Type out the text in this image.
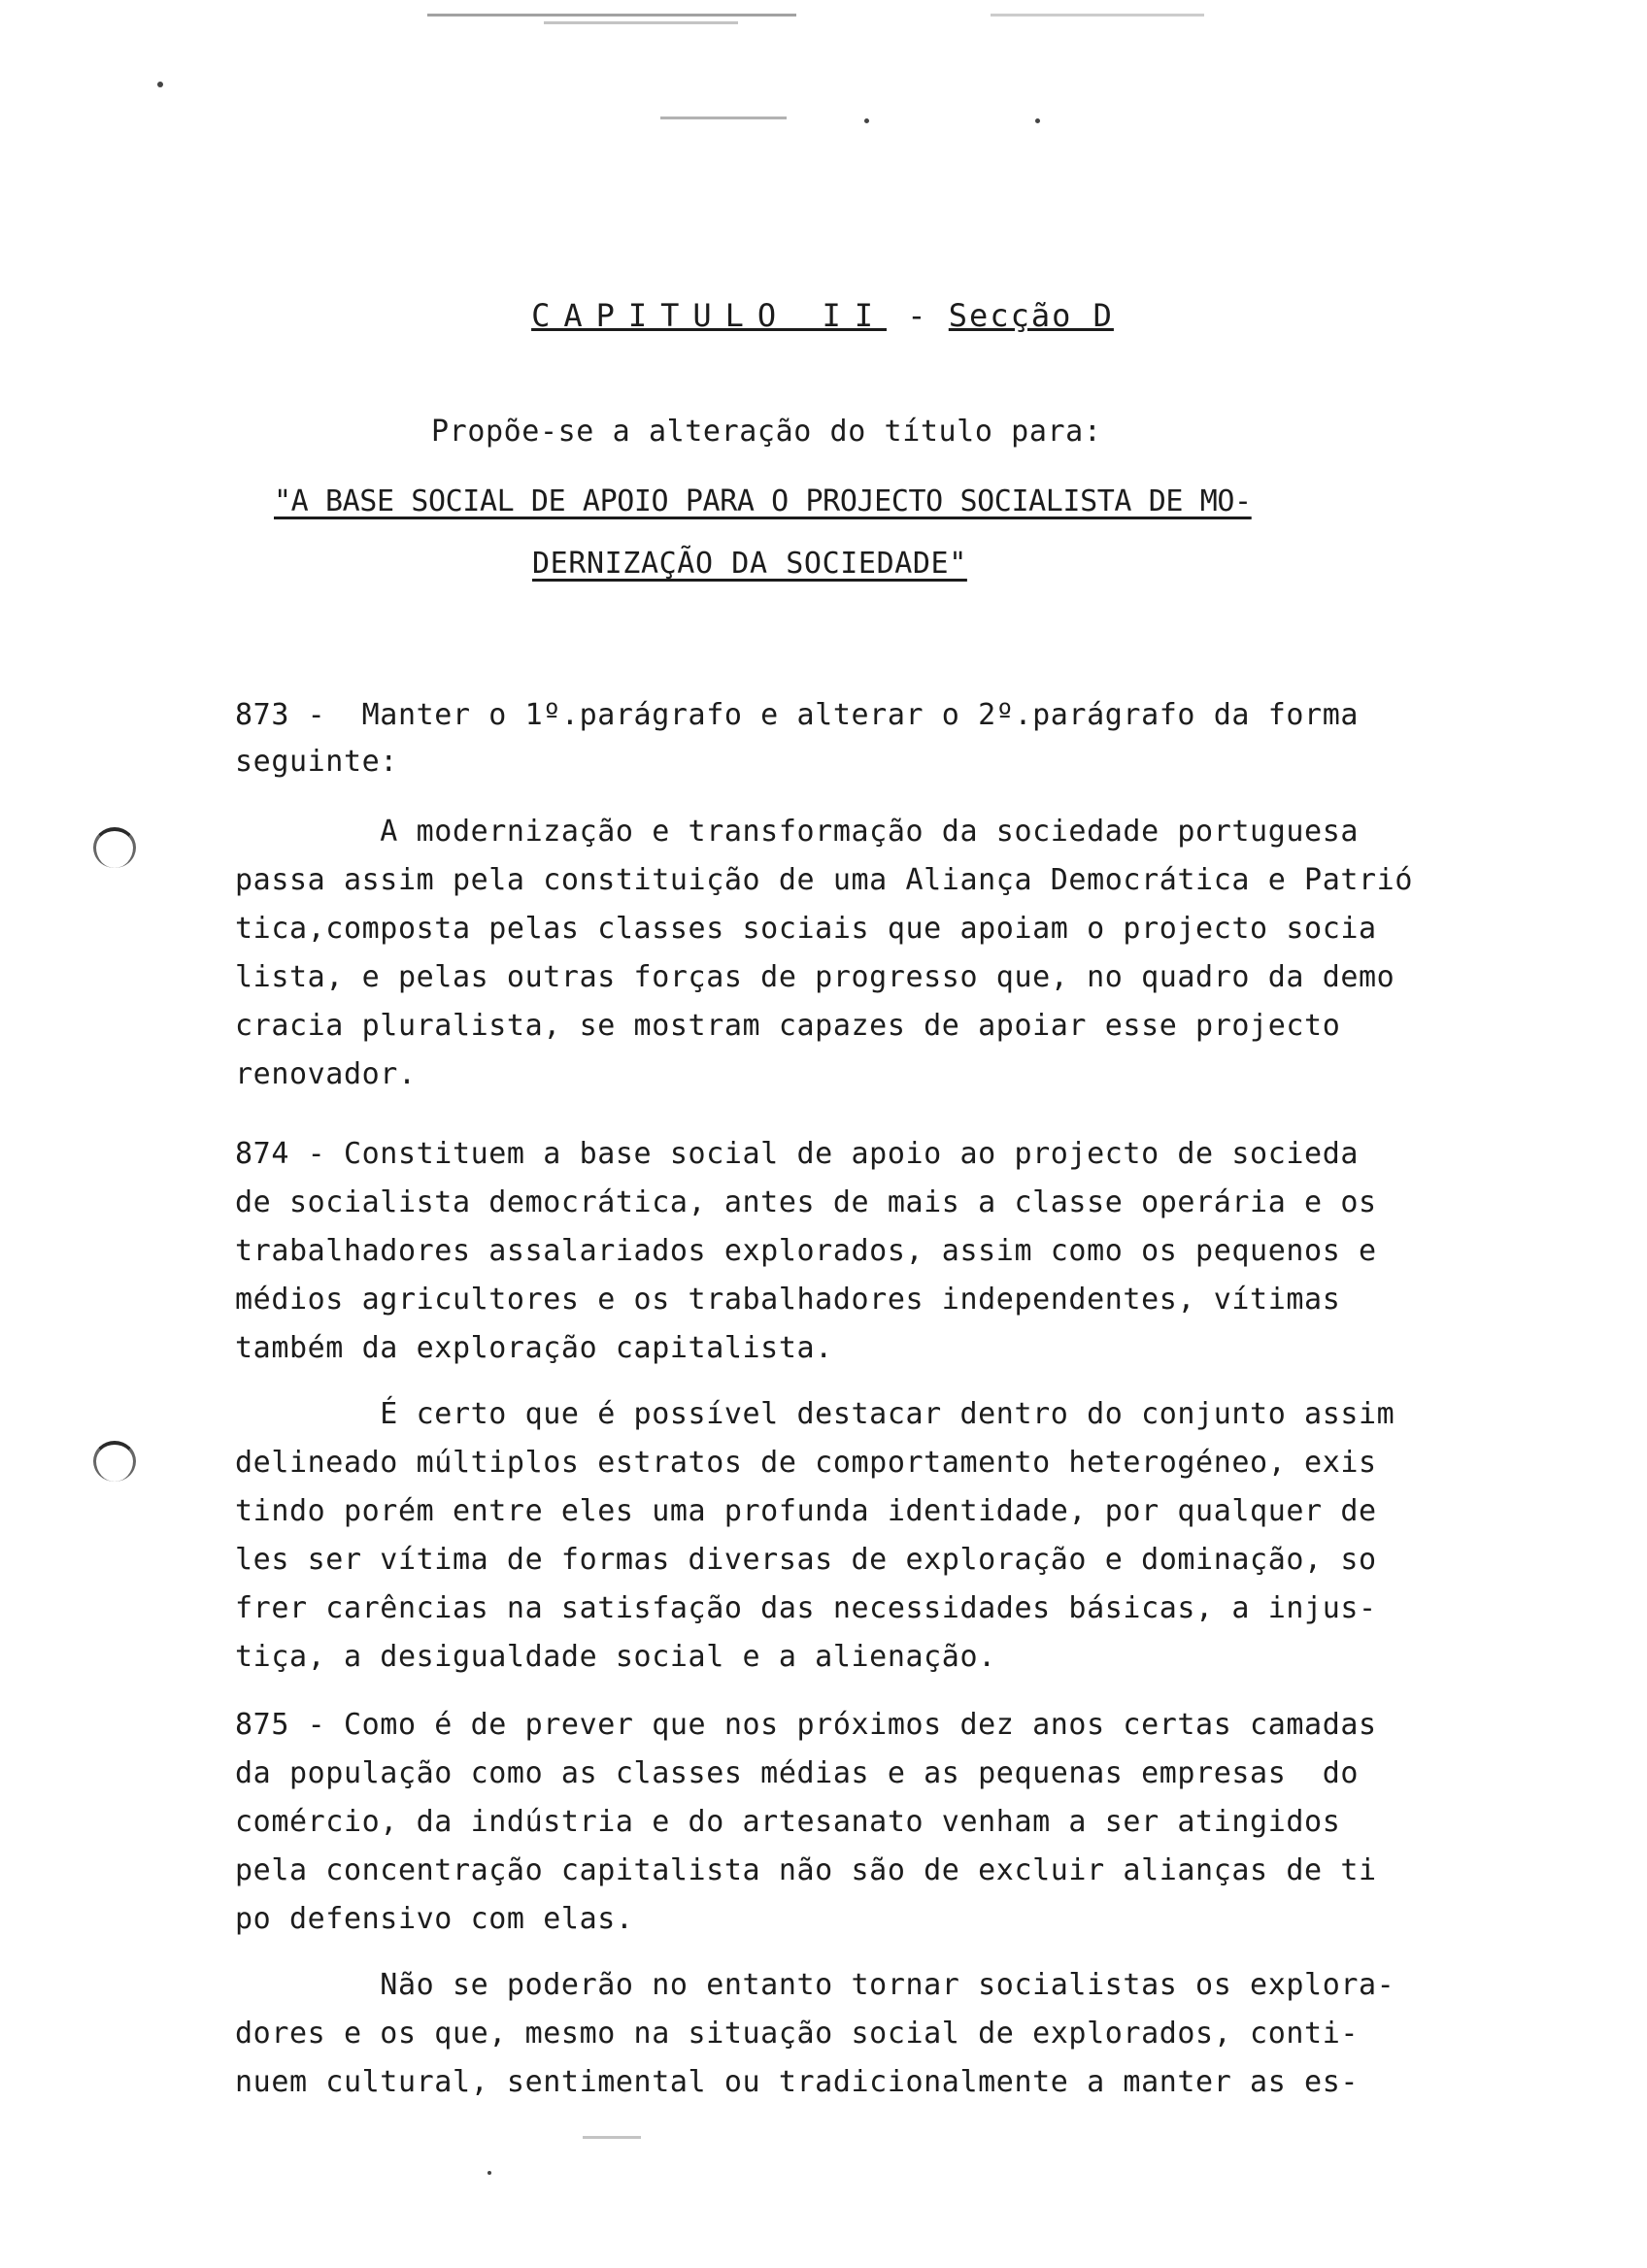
CAPITULO II - Secção D

Propõe-se a alteração do título para:
"A BASE SOCIAL DE APOIO PARA O PROJECTO SOCIALISTA DE MO-
DERNIZAÇÃO DA SOCIEDADE"
873 -  Manter o 1º.parágrafo e alterar o 2º.parágrafo da forma
seguinte:
A modernização e transformação da sociedade portuguesa
passa assim pela constituição de uma Aliança Democrática e Patrió
tica,composta pelas classes sociais que apoiam o projecto socia
lista, e pelas outras forças de progresso que, no quadro da demo
cracia pluralista, se mostram capazes de apoiar esse projecto
renovador.
874 - Constituem a base social de apoio ao projecto de socieda
de socialista democrática, antes de mais a classe operária e os
trabalhadores assalariados explorados, assim como os pequenos e
médios agricultores e os trabalhadores independentes, vítimas
também da exploração capitalista.
É certo que é possível destacar dentro do conjunto assim
delineado múltiplos estratos de comportamento heterogéneo, exis
tindo porém entre eles uma profunda identidade, por qualquer de
les ser vítima de formas diversas de exploração e dominação, so
frer carências na satisfação das necessidades básicas, a injus-
tiça, a desigualdade social e a alienação.
875 - Como é de prever que nos próximos dez anos certas camadas
da população como as classes médias e as pequenas empresas  do
comércio, da indústria e do artesanato venham a ser atingidos
pela concentração capitalista não são de excluir alianças de ti
po defensivo com elas.
Não se poderão no entanto tornar socialistas os explora-
dores e os que, mesmo na situação social de explorados, conti-
nuem cultural, sentimental ou tradicionalmente a manter as es-
